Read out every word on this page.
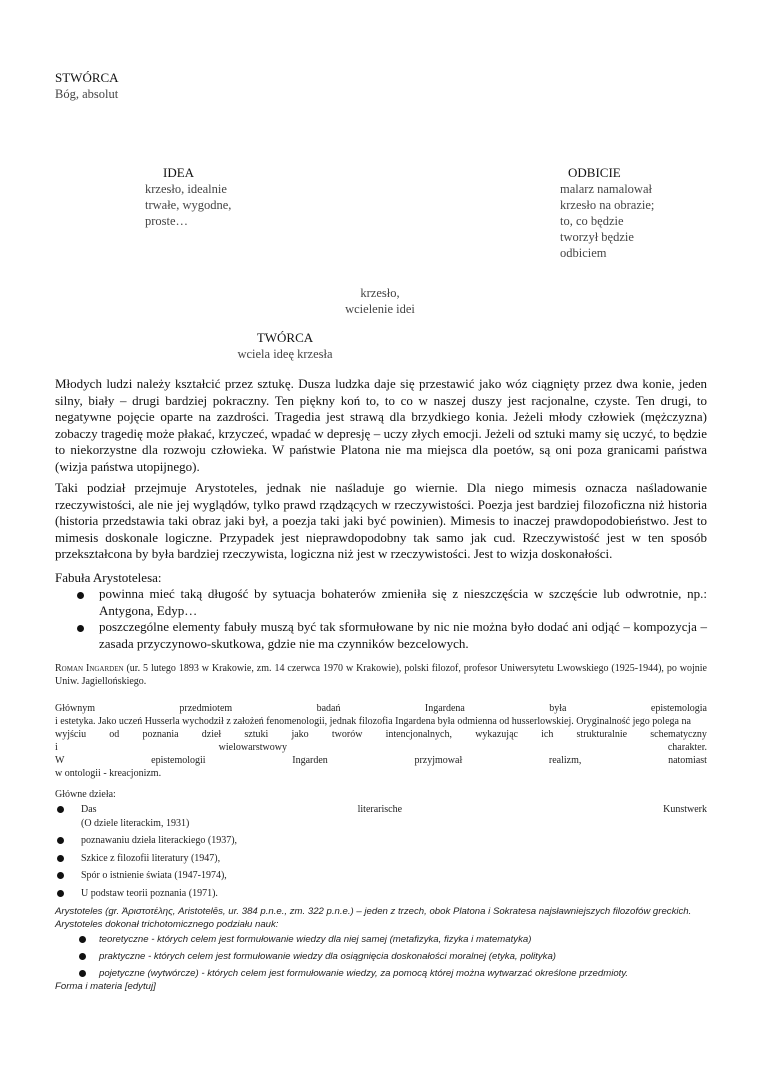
STWÓRCA
Bóg, absolut
IDEA
krzesło, idealnie
trwałe, wygodne,
proste…
ODBICIE
malarz namalował
krzesło na obrazie;
to, co będzie
tworzył będzie
odbiciem
krzesło,
wcielenie idei
TWÓRCA
wciela ideę krzesła
Młodych ludzi należy kształcić przez sztukę. Dusza ludzka daje się przestawić jako wóz ciągnięty przez dwa konie, jeden silny, biały – drugi bardziej pokraczny. Ten piękny koń to, to co w naszej duszy jest racjonalne, czyste. Ten drugi, to negatywne pojęcie oparte na zazdrości. Tragedia jest strawą dla brzydkiego konia. Jeżeli młody człowiek (mężczyzna) zobaczy tragedię może płakać, krzyczeć, wpadać w depresję – uczy złych emocji. Jeżeli od sztuki mamy się uczyć, to będzie to niekorzystne dla rozwoju człowieka. W państwie Platona nie ma miejsca dla poetów, są oni poza granicami państwa (wizja państwa utopijnego).
Taki podział przejmuje Arystoteles, jednak nie naśladuje go wiernie. Dla niego mimesis oznacza naśladowanie rzeczywistości, ale nie jej wyglądów, tylko prawd rządzących w rzeczywistości. Poezja jest bardziej filozoficzna niż historia (historia przedstawia taki obraz jaki był, a poezja taki jaki być powinien). Mimesis to inaczej prawdopodobieństwo. Jest to mimesis doskonale logiczne. Przypadek jest nieprawdopodobny tak samo jak cud. Rzeczywistość jest w ten sposób przekształcona by była bardziej rzeczywista, logiczna niż jest w rzeczywistości. Jest to wizja doskonałości.
Fabuła Arystotelesa:
powinna mieć taką długość by sytuacja bohaterów zmieniła się z nieszczęścia w szczęście lub odwrotnie, np.: Antygona, Edyp…
poszczególne elementy fabuły muszą być tak sformułowane by nic nie można było dodać ani odjąć – kompozycja – zasada przyczynowo-skutkowa, gdzie nie ma czynników bezcelowych.
Roman Ingarden (ur. 5 lutego 1893 w Krakowie, zm. 14 czerwca 1970 w Krakowie), polski filozof, profesor Uniwersytetu Lwowskiego (1925-1944), po wojnie Uniw. Jagiellońskiego.
Głównym	przedmiotem	badań	Ingardena	była	epistemologia
i estetyka. Jako uczeń Husserla wychodził z założeń fenomenologii, jednak filozofia Ingardena była odmienna od husserlowskiej. Oryginalność jego polega na
wyjściu od poznania dzieł sztuki jako tworów intencjonalnych, wykazując ich strukturalnie schematyczny
i	wielowarstwowy	charakter.
W	epistemologii	Ingarden	przyjmował	realizm,	natomiast
w ontologii - kreacjonizm.
Główne dzieła:
Das	literarische	Kunstwerk
(O dziele literackim, 1931)
poznawaniu dzieła literackiego (1937),
Szkice z filozofii literatury (1947),
Spór o istnienie świata (1947-1974),
U podstaw teorii poznania (1971).
Arystoteles (gr. Ἀριστοτέλης, Aristotelēs, ur. 384 p.n.e., zm. 322 p.n.e.) – jeden z trzech, obok Platona i Sokratesa najsławniejszych filozofów greckich.
Arystoteles dokonał trichotomicznego podziału nauk:
teoretyczne - których celem jest formułowanie wiedzy dla niej samej (metafizyka, fizyka i matematyka)
praktyczne - których celem jest formułowanie wiedzy dla osiągnięcia doskonałości moralnej (etyka, polityka)
pojetyczne (wytwórcze) - których celem jest formułowanie wiedzy, za pomocą której można wytwarzać określone przedmioty.
Forma i materia [edytuj]
